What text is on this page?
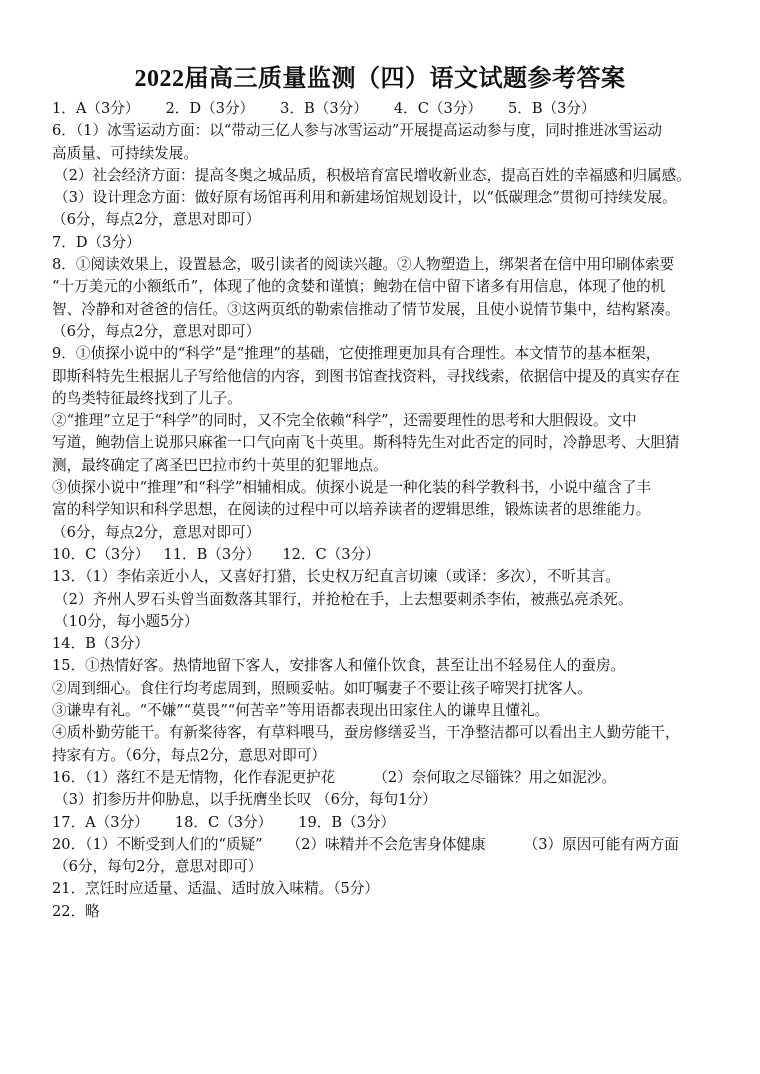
2022届高三质量监测（四）语文试题参考答案
1．A（3分） 2．D（3分） 3．B（3分） 4．C（3分） 5．B（3分）
6．（1）冰雪运动方面：以“带动三亿人参与冰雪运动”开展提高运动参与度，同时推进冰雪运动
高质量、可持续发展。
（2）社会经济方面：提高冬奥之城品质，积极培育富民增收新业态，提高百姓的幸福感和归属感。
（3）设计理念方面：做好原有场馆再利用和新建场馆规划设计，以“低碳理念”贯彻可持续发展。
（6分，每点2分，意思对即可）
7．D（3分）
8．①阅读效果上，设置悬念，吸引读者的阅读兴趣。②人物塑造上，绑架者在信中用印刷体索要
“十万美元的小额纸币”，体现了他的贪婪和谨慎；鲍勃在信中留下诸多有用信息，体现了他的机
智、冷静和对爸爸的信任。③这两页纸的勒索信推动了情节发展，且使小说情节集中，结构紧凑。
（6分，每点2分，意思对即可）
9．①侦探小说中的“科学”是“推理”的基础，它使推理更加具有合理性。本文情节的基本框架，
即斯科特先生根据儿子写给他信的内容，到图书馆查找资料，寻找线索，依据信中提及的真实存在
的鸟类特征最终找到了儿子。
②“推理”立足于“科学”的同时，又不完全依赖“科学”，还需要理性的思考和大胆假设。文中
写道，鲍勃信上说那只麻雀一口气向南飞十英里。斯科特先生对此否定的同时，冷静思考、大胆猜
测，最终确定了离圣巴巴拉市约十英里的犯罪地点。
③侦探小说中“推理”和“科学”相辅相成。侦探小说是一种化装的科学教科书，小说中蕴含了丰
富的科学知识和科学思想，在阅读的过程中可以培养读者的逻辑思维，锻炼读者的思维能力。
（6分，每点2分，意思对即可）
10．C（3分） 11．B（3分） 12．C（3分）
13．（1）李佑亲近小人，又喜好打猎，长史权万纪直言切谏（或译：多次），不听其言。
（2）齐州人罗石头曾当面数落其罪行，并抢枪在手，上去想要刺杀李佑，被燕弘亮杀死。
（10分，每小题5分）
14．B（3分）
15．①热情好客。热情地留下客人，安排客人和僮仆饮食，甚至让出不轻易住人的蚕房。
②周到细心。食住行均考虑周到，照顾妥帖。如叮嘱妻子不要让孩子啼哭打扰客人。
③谦卑有礼。“不嫌”“莫畏”“何苦辛”等用语都表现出田家住人的谦卑且懂礼。
④质朴勤劳能干。有新桨待客，有草料喂马，蚕房修缮妥当，干净整洁都可以看出主人勤劳能干，
持家有方。（6分，每点2分，意思对即可）
16．（1）落红不是无情物，化作春泥更护花	（2）奈何取之尽锱铢？用之如泥沙。
（3）扪参历井仰胁息，以手抚膺坐长叹 （6分，每句1分）
17．A（3分） 18．C（3分） 19．B（3分）
20．（1）不断受到人们的“质疑” （2）味精并不会危害身体健康	（3）原因可能有两方面
（6分，每句2分，意思对即可）
21．烹饪时应适量、适温、适时放入味精。（5分）
22．略
